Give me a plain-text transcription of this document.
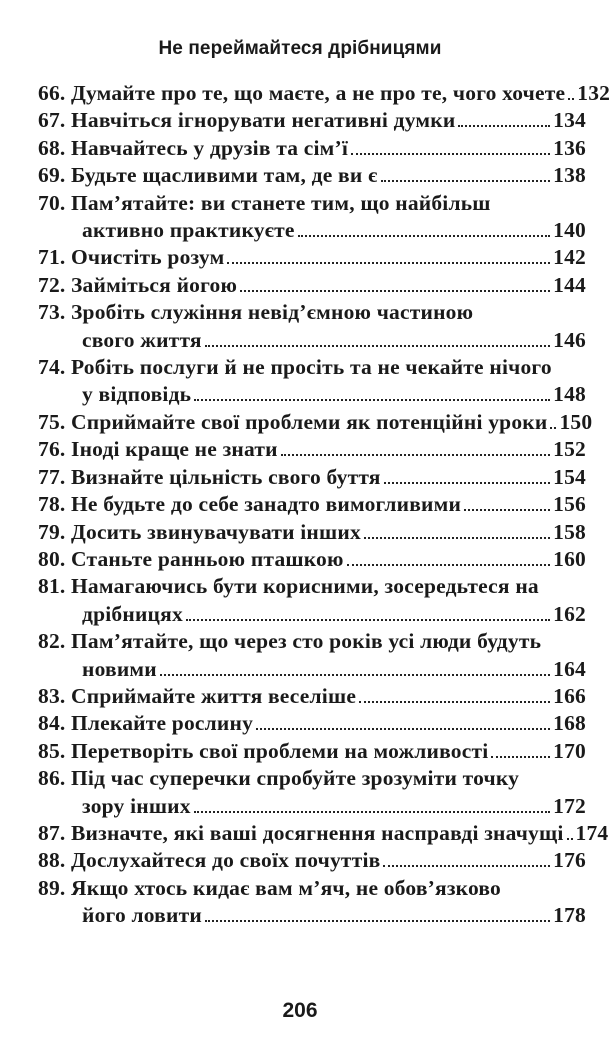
Не переймайтеся дрібницями
66. Думайте про те, що маєте, а не про те, чого хочете 132
67. Навчіться ігнорувати негативні думки	134
68. Навчайтесь у друзів та сім’ї	136
69. Будьте щасливими там, де ви є	138
70. Пам’ятайте: ви станете тим, що найбільш
активно практикуєте	140
71. Очистіть розум	142
72. Займіться йогою	144
73. Зробіть служіння невід’ємною частиною
свого життя	146
74. Робіть послуги й не просіть та не чекайте нічого
у відповідь	148
75. Сприймайте свої проблеми як потенційні уроки 150
76. Іноді краще не знати	152
77. Визнайте цільність свого буття	154
78. Не будьте до себе занадто вимогливими	156
79. Досить звинувачувати інших	158
80. Станьте ранньою пташкою	160
81. Намагаючись бути корисними, зосередьтеся на
дрібницях	162
82. Пам’ятайте, що через сто років усі люди будуть
новими	164
83. Сприймайте життя веселіше	166
84. Плекайте рослину	168
85. Перетворіть свої проблеми на можливості	170
86. Під час суперечки спробуйте зрозуміти точку
зору інших	172
87. Визначте, які ваші досягнення насправді значущі 174
88. Дослухайтеся до своїх почуттів	176
89. Якщо хтось кидає вам м’яч, не обов’язково
його ловити	178
206
